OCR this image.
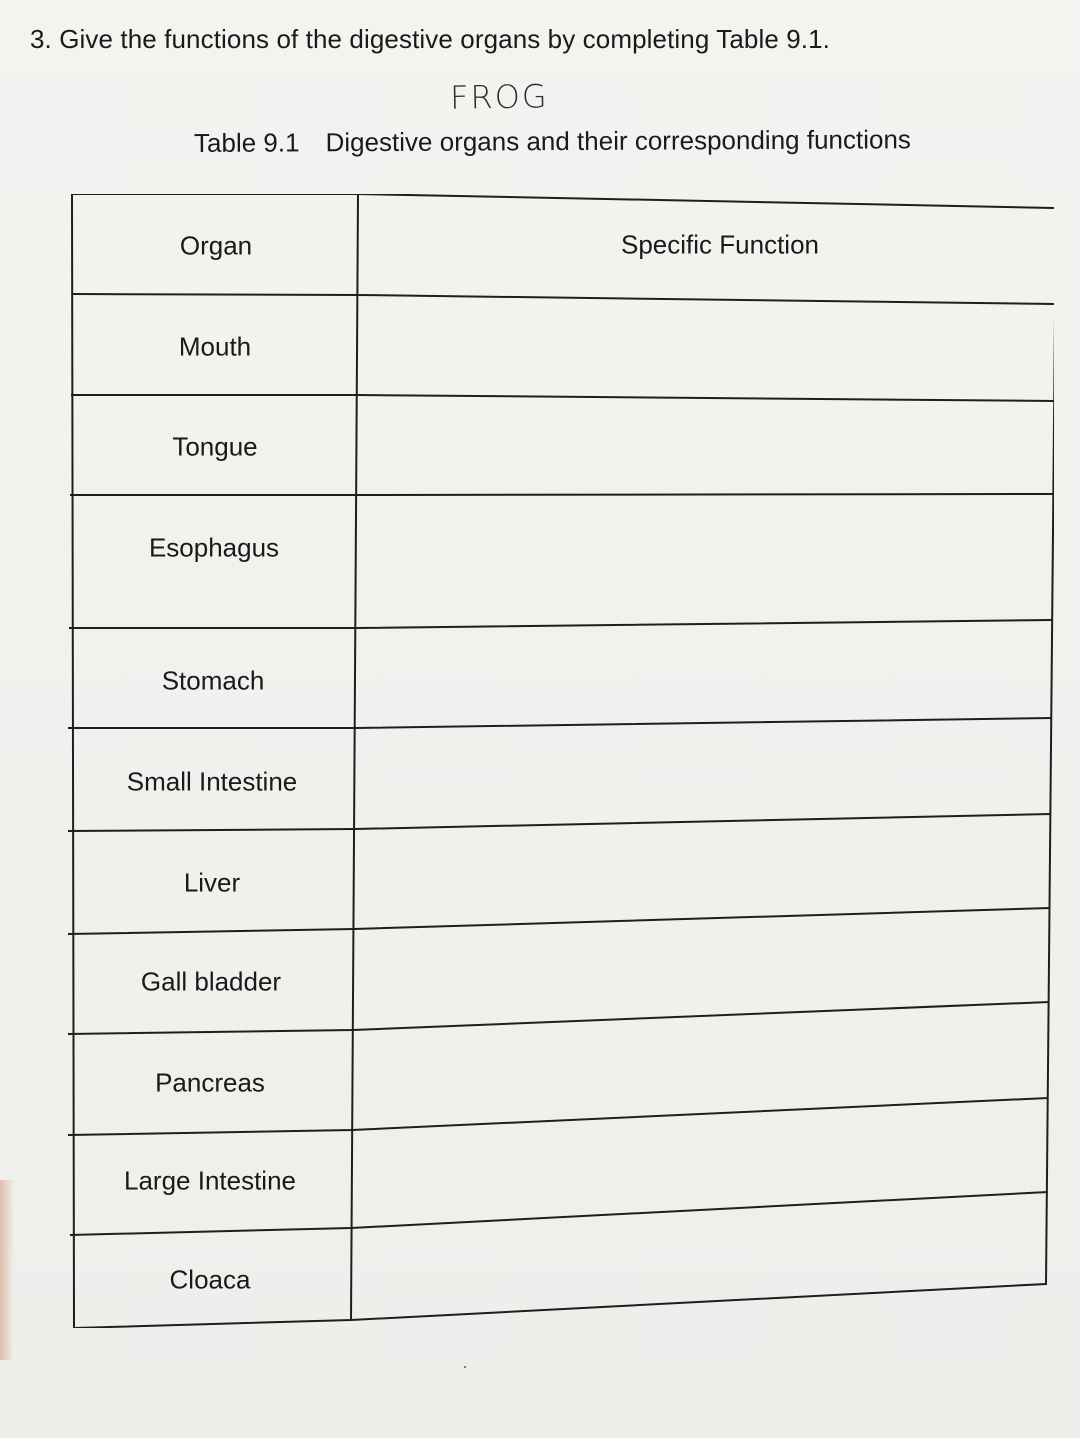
3. Give the functions of the digestive organs by completing Table 9.1.
FROG
Table 9.1 Digestive organs and their corresponding functions
Organ	Specific Function
Mouth
Tongue
Esophagus
Stomach
Small Intestine
Liver
Gall bladder
Pancreas
Large Intestine
Cloaca
